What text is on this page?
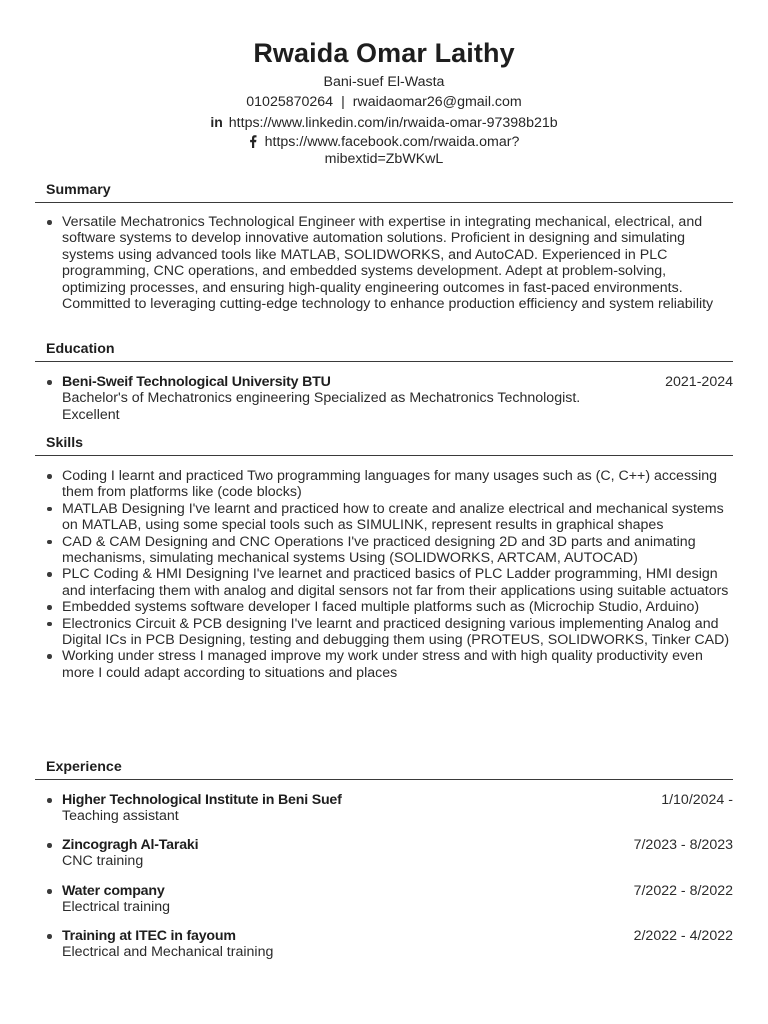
Rwaida Omar Laithy
Bani-suef El-Wasta
01025870264 | rwaidaomar26@gmail.com
in https://www.linkedin.com/in/rwaida-omar-97398b21b
https://www.facebook.com/rwaida.omar?
mibextid=ZbWKwL
Summary
Versatile Mechatronics Technological Engineer with expertise in integrating mechanical, electrical, and software systems to develop innovative automation solutions. Proficient in designing and simulating systems using advanced tools like MATLAB, SOLIDWORKS, and AutoCAD. Experienced in PLC programming, CNC operations, and embedded systems development. Adept at problem-solving, optimizing processes, and ensuring high-quality engineering outcomes in fast-paced environments. Committed to leveraging cutting-edge technology to enhance production efficiency and system reliability
Education
Beni-Sweif Technological University BTU	2021-2024
Bachelor's of Mechatronics engineering Specialized as Mechatronics Technologist.
Excellent
Skills
Coding I learnt and practiced Two programming languages for many usages such as (C, C++) accessing them from platforms like (code blocks)
MATLAB Designing I've learnt and practiced how to create and analize electrical and mechanical systems on MATLAB, using some special tools such as SIMULINK, represent results in graphical shapes
CAD & CAM Designing and CNC Operations I've practiced designing 2D and 3D parts and animating mechanisms, simulating mechanical systems Using (SOLIDWORKS, ARTCAM, AUTOCAD)
PLC Coding & HMI Designing I've learnet and practiced basics of PLC Ladder programming, HMI design and interfacing them with analog and digital sensors not far from their applications using suitable actuators
Embedded systems software developer I faced multiple platforms such as (Microchip Studio, Arduino)
Electronics Circuit & PCB designing I've learnt and practiced designing various implementing Analog and Digital ICs in PCB Designing, testing and debugging them using (PROTEUS, SOLIDWORKS, Tinker CAD)
Working under stress I managed improve my work under stress and with high quality productivity even more I could adapt according to situations and places
Experience
Higher Technological Institute in Beni Suef	1/10/2024 -
Teaching assistant
Zincogragh Al-Taraki	7/2023 - 8/2023
CNC training
Water company	7/2022 - 8/2022
Electrical training
Training at ITEC in fayoum	2/2022 - 4/2022
Electrical and Mechanical training
